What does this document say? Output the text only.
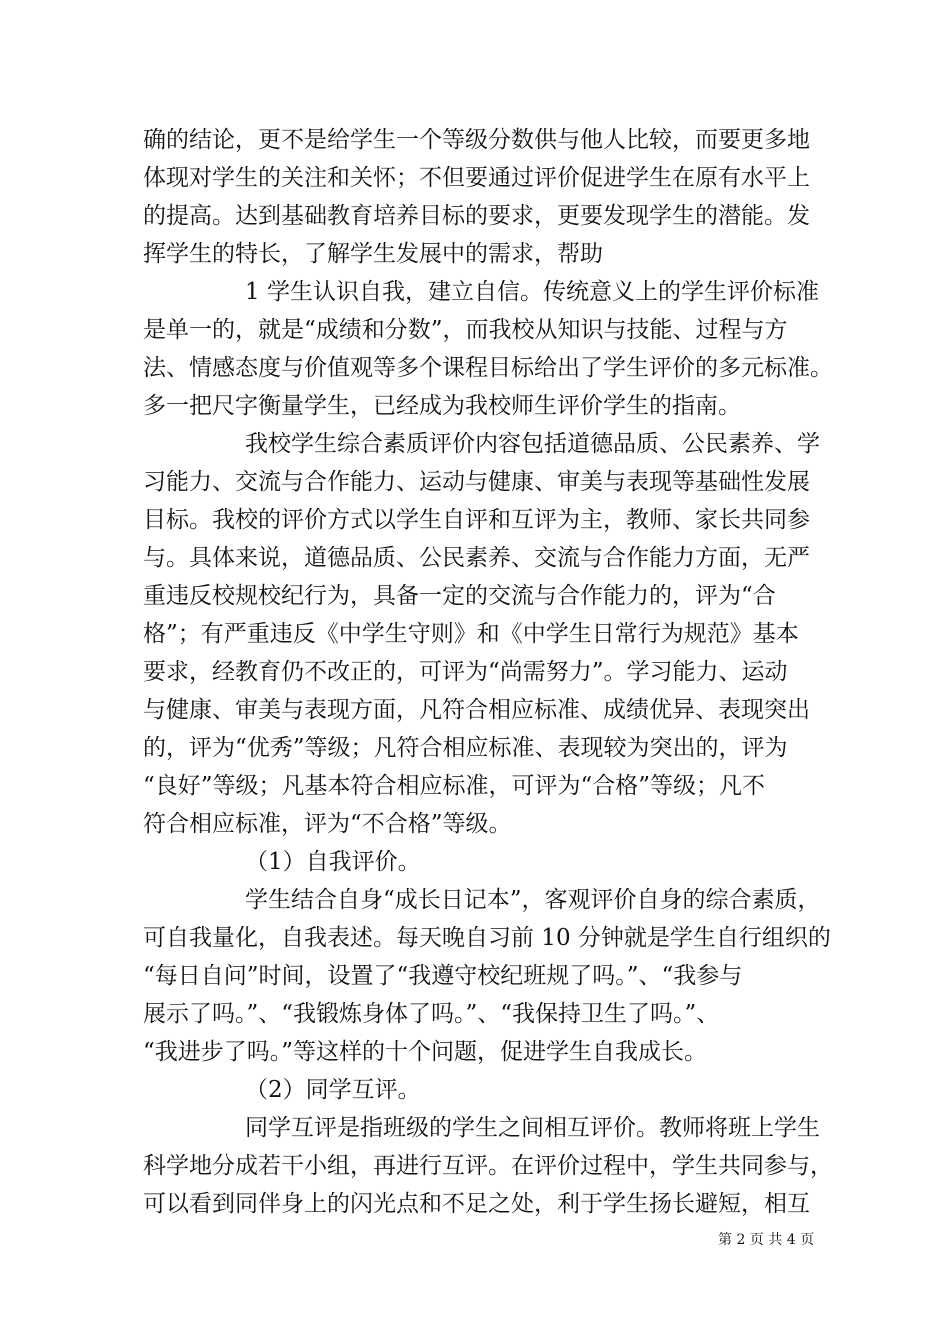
确的结论，更不是给学生一个等级分数供与他人比较，而要更多地
体现对学生的关注和关怀；不但要通过评价促进学生在原有水平上
的提高。达到基础教育培养目标的要求，更要发现学生的潜能。发
挥学生的特长，了解学生发展中的需求，帮助
1 学生认识自我，建立自信。传统意义上的学生评价标准
是单一的，就是“成绩和分数”，而我校从知识与技能、过程与方
法、情感态度与价值观等多个课程目标给出了学生评价的多元标准。
多一把尺字衡量学生，已经成为我校师生评价学生的指南。
我校学生综合素质评价内容包括道德品质、公民素养、学
习能力、交流与合作能力、运动与健康、审美与表现等基础性发展
目标。我校的评价方式以学生自评和互评为主，教师、家长共同参
与。具体来说，道德品质、公民素养、交流与合作能力方面，无严
重违反校规校纪行为，具备一定的交流与合作能力的，评为“合
格”；有严重违反《中学生守则》和《中学生日常行为规范》基本
要求，经教育仍不改正的，可评为“尚需努力”。学习能力、运动
与健康、审美与表现方面，凡符合相应标准、成绩优异、表现突出
的，评为“优秀”等级；凡符合相应标准、表现较为突出的，评为
“良好”等级；凡基本符合相应标准，可评为“合格”等级；凡不
符合相应标准，评为“不合格”等级。
（1）自我评价。
学生结合自身“成长日记本”，客观评价自身的综合素质，
可自我量化，自我表述。每天晚自习前 10 分钟就是学生自行组织的
“每日自问”时间，设置了“我遵守校纪班规了吗。”、“我参与
展示了吗。”、“我锻炼身体了吗。”、“我保持卫生了吗。”、
“我进步了吗。”等这样的十个问题，促进学生自我成长。
（2）同学互评。
同学互评是指班级的学生之间相互评价。教师将班上学生
科学地分成若干小组，再进行互评。在评价过程中，学生共同参与，
可以看到同伴身上的闪光点和不足之处，利于学生扬长避短，相互
第 2 页 共 4 页
